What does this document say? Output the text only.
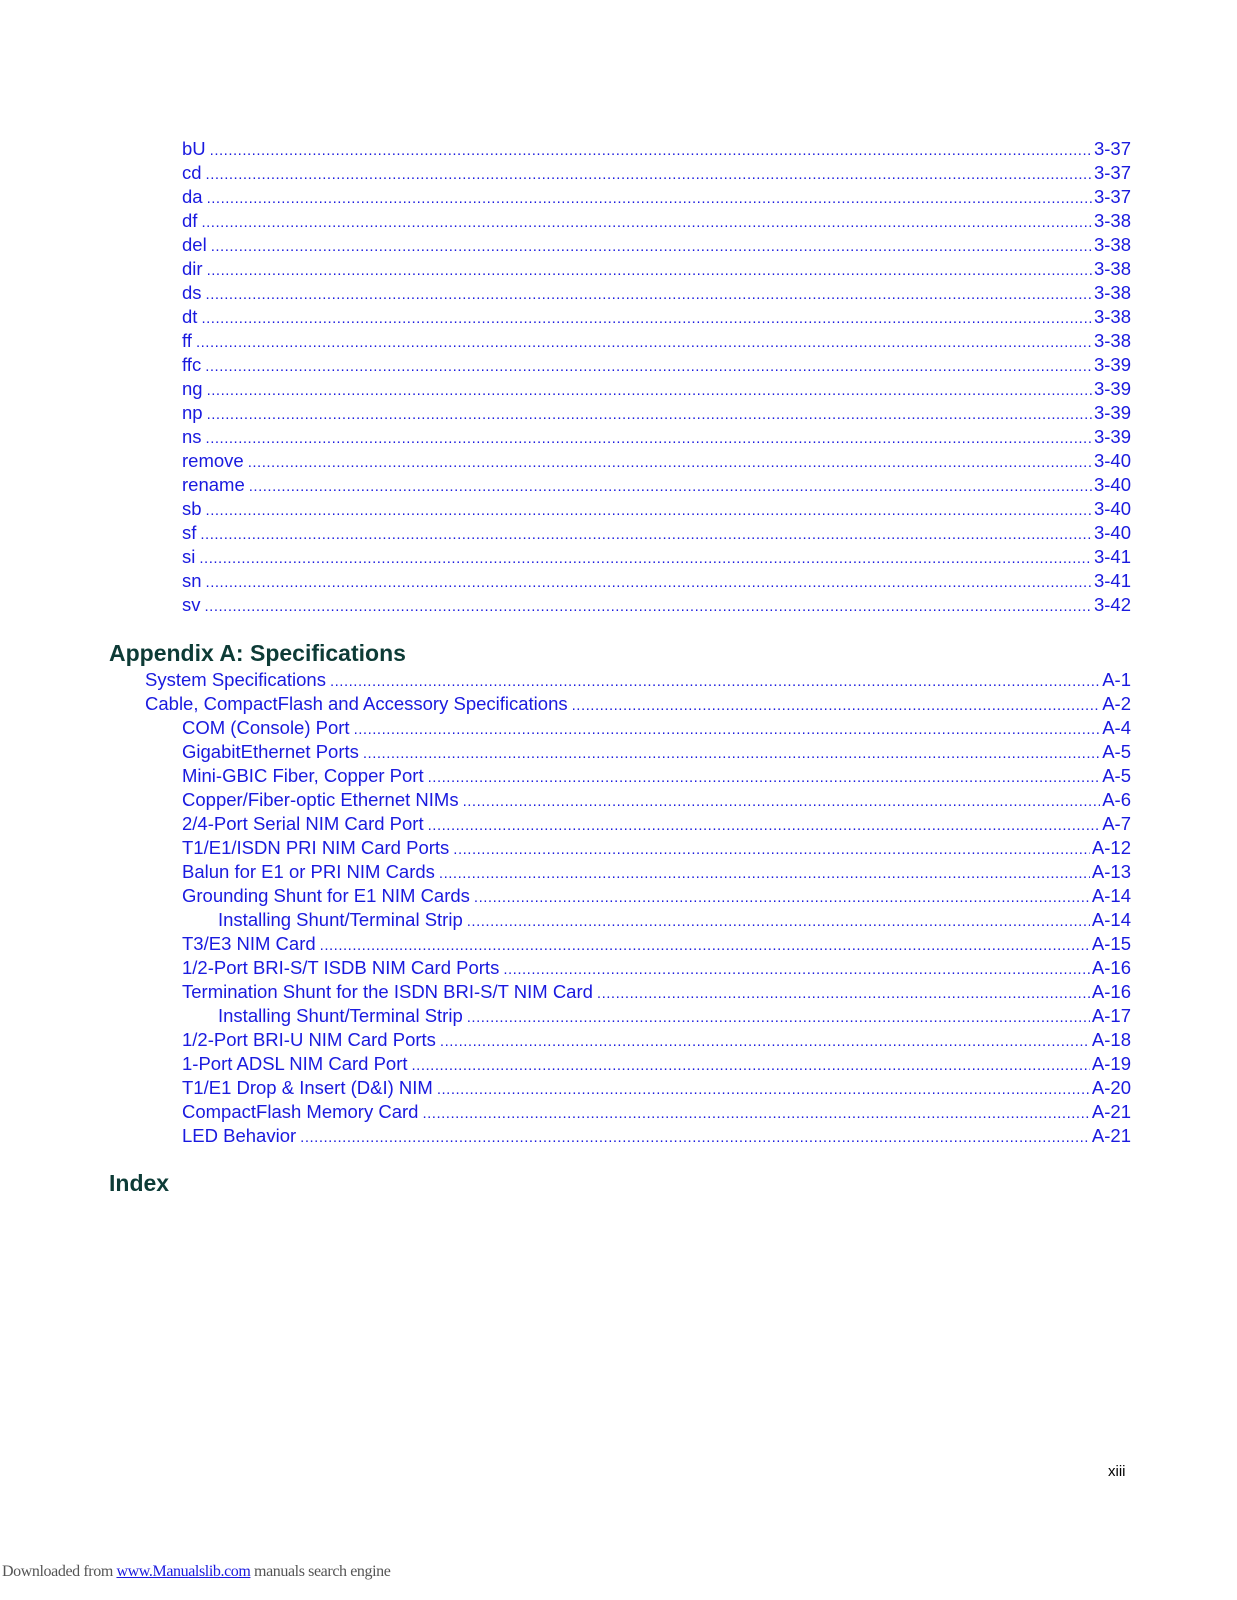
bU .....	3-37
cd .....	3-37
da .....	3-37
df .....	3-38
del .....	3-38
dir .....	3-38
ds .....	3-38
dt .....	3-38
ff .....	3-38
ffc .....	3-39
ng .....	3-39
np .....	3-39
ns .....	3-39
remove .....	3-40
rename .....	3-40
sb .....	3-40
sf .....	3-40
si .....	3-41
sn .....	3-41
sv .....	3-42
Appendix A: Specifications
System Specifications .....	A-1
Cable, CompactFlash and Accessory Specifications .....	A-2
COM (Console) Port .....	A-4
GigabitEthernet Ports .....	A-5
Mini-GBIC Fiber, Copper Port .....	A-5
Copper/Fiber-optic Ethernet NIMs .....	A-6
2/4-Port Serial NIM Card Port .....	A-7
T1/E1/ISDN PRI NIM Card Ports .....	A-12
Balun for E1 or PRI NIM Cards .....	A-13
Grounding Shunt for E1 NIM Cards .....	A-14
Installing Shunt/Terminal Strip .....	A-14
T3/E3 NIM Card .....	A-15
1/2-Port BRI-S/T ISDB NIM Card Ports .....	A-16
Termination Shunt for the ISDN BRI-S/T NIM Card .....	A-16
Installing Shunt/Terminal Strip .....	A-17
1/2-Port BRI-U NIM Card Ports .....	A-18
1-Port ADSL NIM Card Port .....	A-19
T1/E1 Drop & Insert (D&I) NIM .....	A-20
CompactFlash Memory Card .....	A-21
LED Behavior .....	A-21
Index
xiii
Downloaded from www.Manualslib.com manuals search engine
